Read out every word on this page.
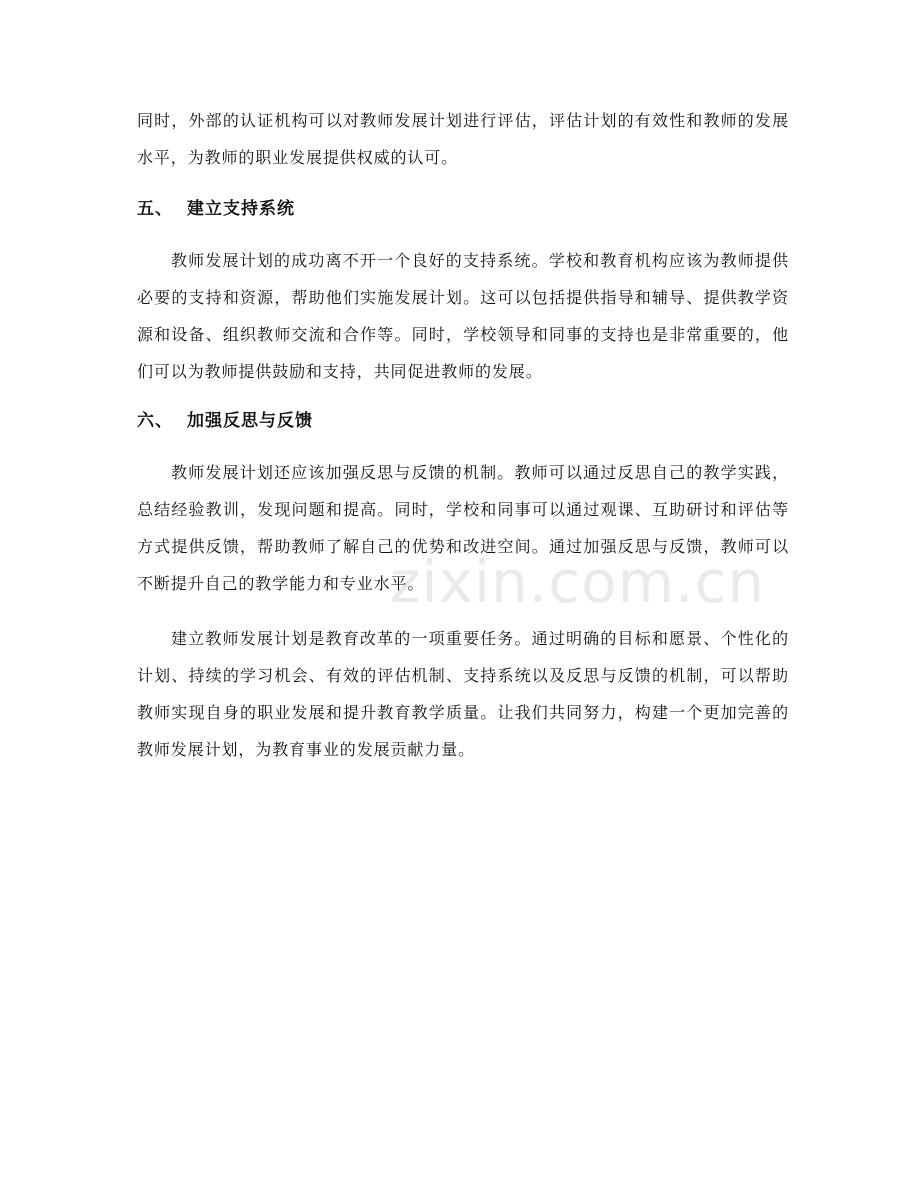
同时，外部的认证机构可以对教师发展计划进行评估，评估计划的有效性和教师的发展水平，为教师的职业发展提供权威的认可。

五、 建立支持系统

教师发展计划的成功离不开一个良好的支持系统。学校和教育机构应该为教师提供必要的支持和资源，帮助他们实施发展计划。这可以包括提供指导和辅导、提供教学资源和设备、组织教师交流和合作等。同时，学校领导和同事的支持也是非常重要的，他们可以为教师提供鼓励和支持，共同促进教师的发展。

六、 加强反思与反馈

教师发展计划还应该加强反思与反馈的机制。教师可以通过反思自己的教学实践，总结经验教训，发现问题和提高。同时，学校和同事可以通过观课、互助研讨和评估等方式提供反馈，帮助教师了解自己的优势和改进空间。通过加强反思与反馈，教师可以不断提升自己的教学能力和专业水平。

建立教师发展计划是教育改革的一项重要任务。通过明确的目标和愿景、个性化的计划、持续的学习机会、有效的评估机制、支持系统以及反思与反馈的机制，可以帮助教师实现自身的职业发展和提升教育教学质量。让我们共同努力，构建一个更加完善的教师发展计划，为教育事业的发展贡献力量。

zixin.com.cn
